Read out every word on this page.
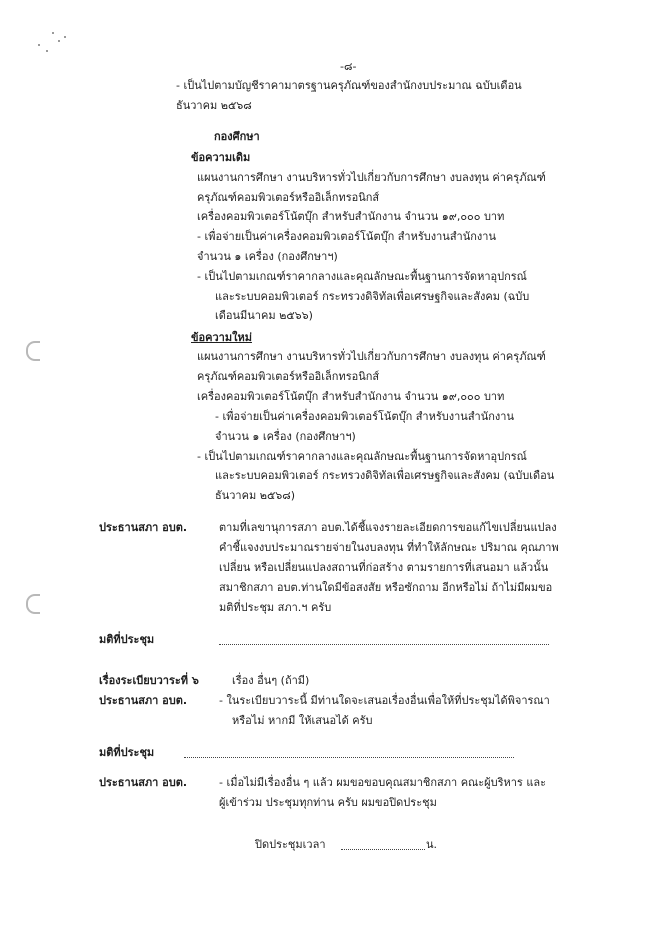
-๘-
- เป็นไปตามบัญชีราคามาตรฐานครุภัณฑ์ของสำนักงบประมาณ ฉบับเดือน
ธันวาคม ๒๕๖๘
กองศึกษา
ข้อความเดิม
แผนงานการศึกษา งานบริหารทั่วไปเกี่ยวกับการศึกษา งบลงทุน ค่าครุภัณฑ์
ครุภัณฑ์คอมพิวเตอร์หรืออิเล็กทรอนิกส์
เครื่องคอมพิวเตอร์โน้ตบุ๊ก สำหรับสำนักงาน จำนวน ๑๙,๐๐๐ บาท
- เพื่อจ่ายเป็นค่าเครื่องคอมพิวเตอร์โน้ตบุ๊ก สำหรับงานสำนักงาน
จำนวน ๑ เครื่อง (กองศึกษาฯ)
- เป็นไปตามเกณฑ์ราคากลางและคุณลักษณะพื้นฐานการจัดหาอุปกรณ์
และระบบคอมพิวเตอร์ กระทรวงดิจิทัลเพื่อเศรษฐกิจและสังคม (ฉบับ
เดือนมีนาคม ๒๕๖๖)
ข้อความใหม่
แผนงานการศึกษา งานบริหารทั่วไปเกี่ยวกับการศึกษา งบลงทุน ค่าครุภัณฑ์
ครุภัณฑ์คอมพิวเตอร์หรืออิเล็กทรอนิกส์
เครื่องคอมพิวเตอร์โน้ตบุ๊ก สำหรับสำนักงาน จำนวน ๑๙,๐๐๐ บาท
- เพื่อจ่ายเป็นค่าเครื่องคอมพิวเตอร์โน้ตบุ๊ก สำหรับงานสำนักงาน
จำนวน ๑ เครื่อง (กองศึกษาฯ)
- เป็นไปตามเกณฑ์ราคากลางและคุณลักษณะพื้นฐานการจัดหาอุปกรณ์
และระบบคอมพิวเตอร์ กระทรวงดิจิทัลเพื่อเศรษฐกิจและสังคม (ฉบับเดือน
ธันวาคม ๒๕๖๘)
ประธานสภา อบต.	ตามที่เลขานุการสภา อบต.ได้ชี้แจงรายละเอียดการขอแก้ไขเปลี่ยนแปลง
คำชี้แจงงบประมาณรายจ่ายในงบลงทุน ที่ทำให้ลักษณะ ปริมาณ คุณภาพ
เปลี่ยน หรือเปลี่ยนแปลงสถานที่ก่อสร้าง ตามรายการที่เสนอมา แล้วนั้น
สมาชิกสภา อบต.ท่านใดมีข้อสงสัย หรือซักถาม อีกหรือไม่ ถ้าไม่มีผมขอ
มติที่ประชุม สภา.ฯ ครับ
มติที่ประชุม
เรื่องระเบียบวาระที่ ๖	เรื่อง อื่นๆ (ถ้ามี)
ประธานสภา อบต.	- ในระเบียบวาระนี้ มีท่านใดจะเสนอเรื่องอื่นเพื่อให้ที่ประชุมได้พิจารณา
หรือไม่ หากมี ให้เสนอได้ ครับ
มติที่ประชุม
ประธานสภา อบต.	- เมื่อไม่มีเรื่องอื่น ๆ แล้ว ผมขอขอบคุณสมาชิกสภา คณะผู้บริหาร และ
ผู้เข้าร่วม ประชุมทุกท่าน ครับ ผมขอปิดประชุม
ปิดประชุมเวลา	น.
